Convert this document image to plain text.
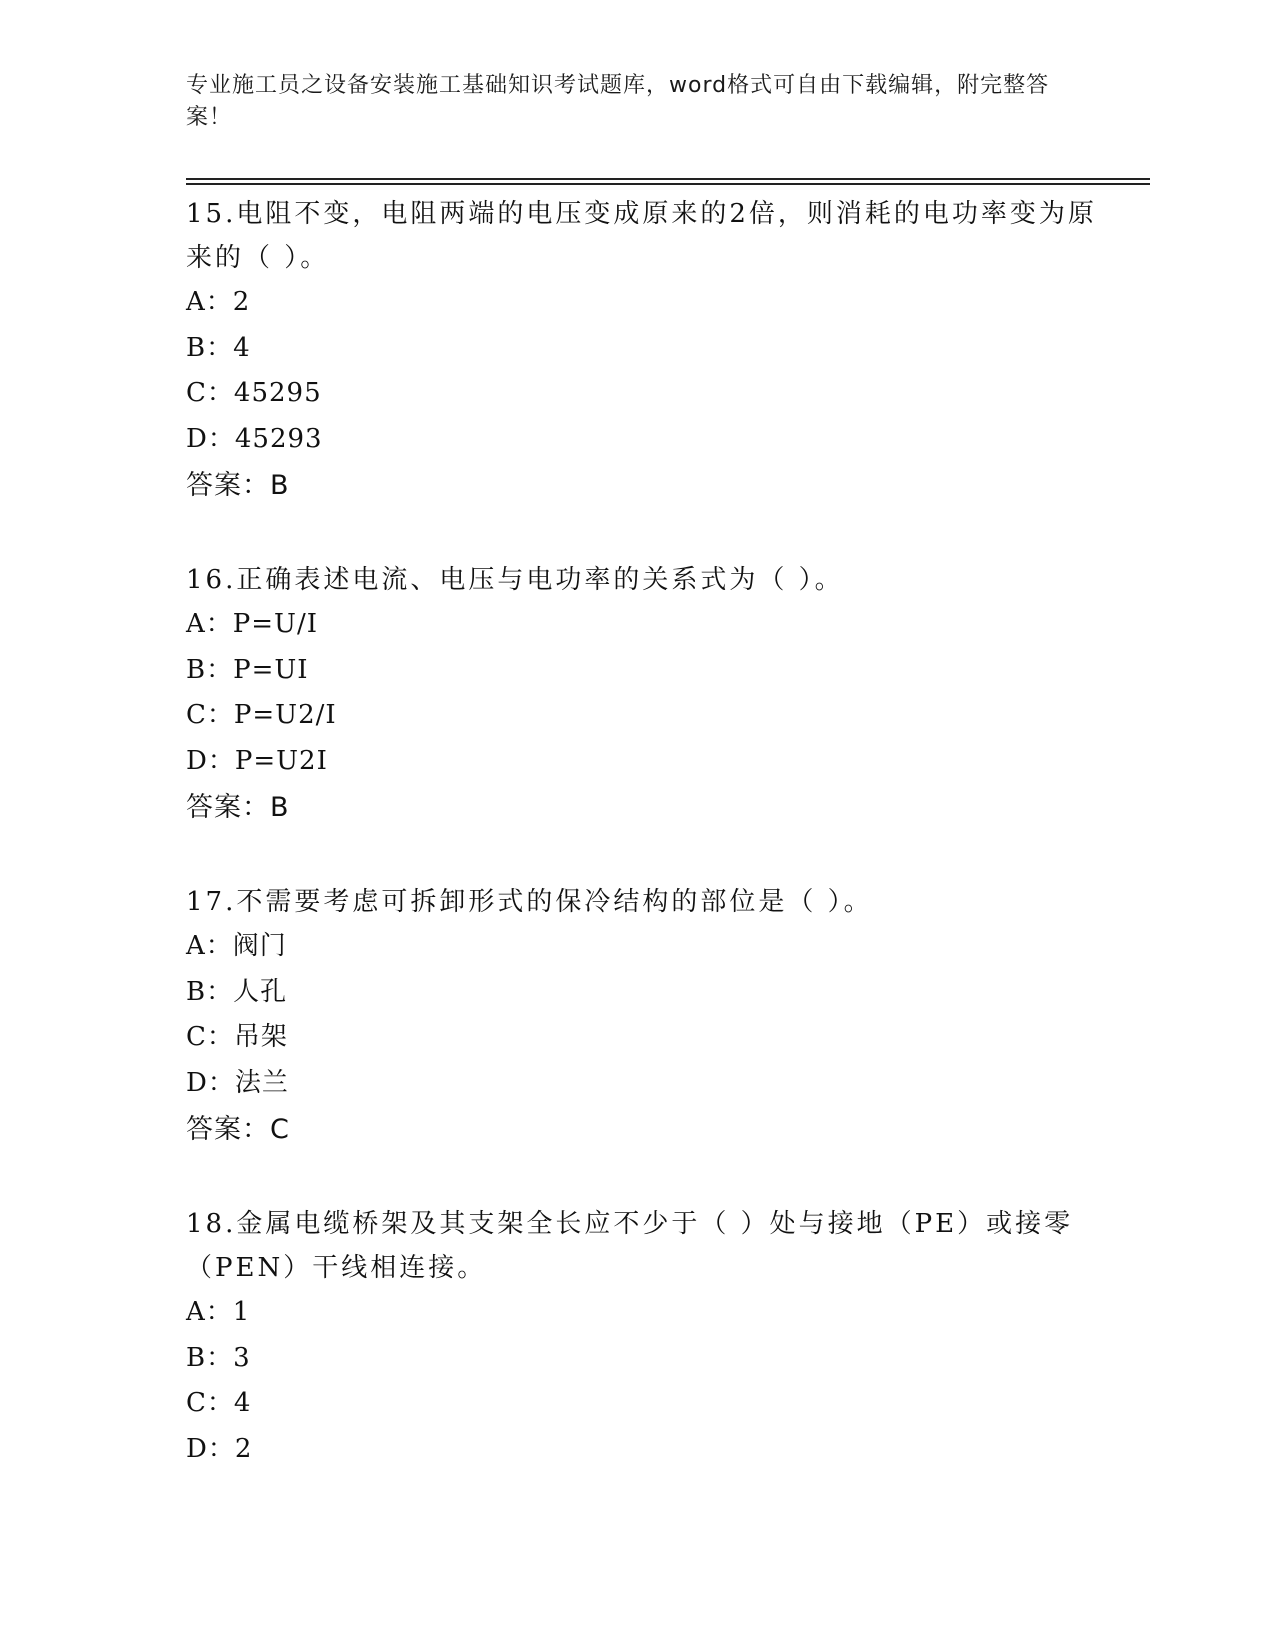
专业施工员之设备安装施工基础知识考试题库，word格式可自由下载编辑，附完整答案！
15.电阻不变，电阻两端的电压变成原来的2倍，则消耗的电功率变为原来的（ ）。
A：2
B：4
C：45295
D：45293
答案：B
16.正确表述电流、电压与电功率的关系式为（ ）。
A：P=U/I
B：P=UI
C：P=U2/I
D：P=U2I
答案：B
17.不需要考虑可拆卸形式的保冷结构的部位是（ ）。
A：阀门
B：人孔
C：吊架
D：法兰
答案：C
18.金属电缆桥架及其支架全长应不少于（ ）处与接地（PE）或接零（PEN）干线相连接。
A：1
B：3
C：4
D：2
